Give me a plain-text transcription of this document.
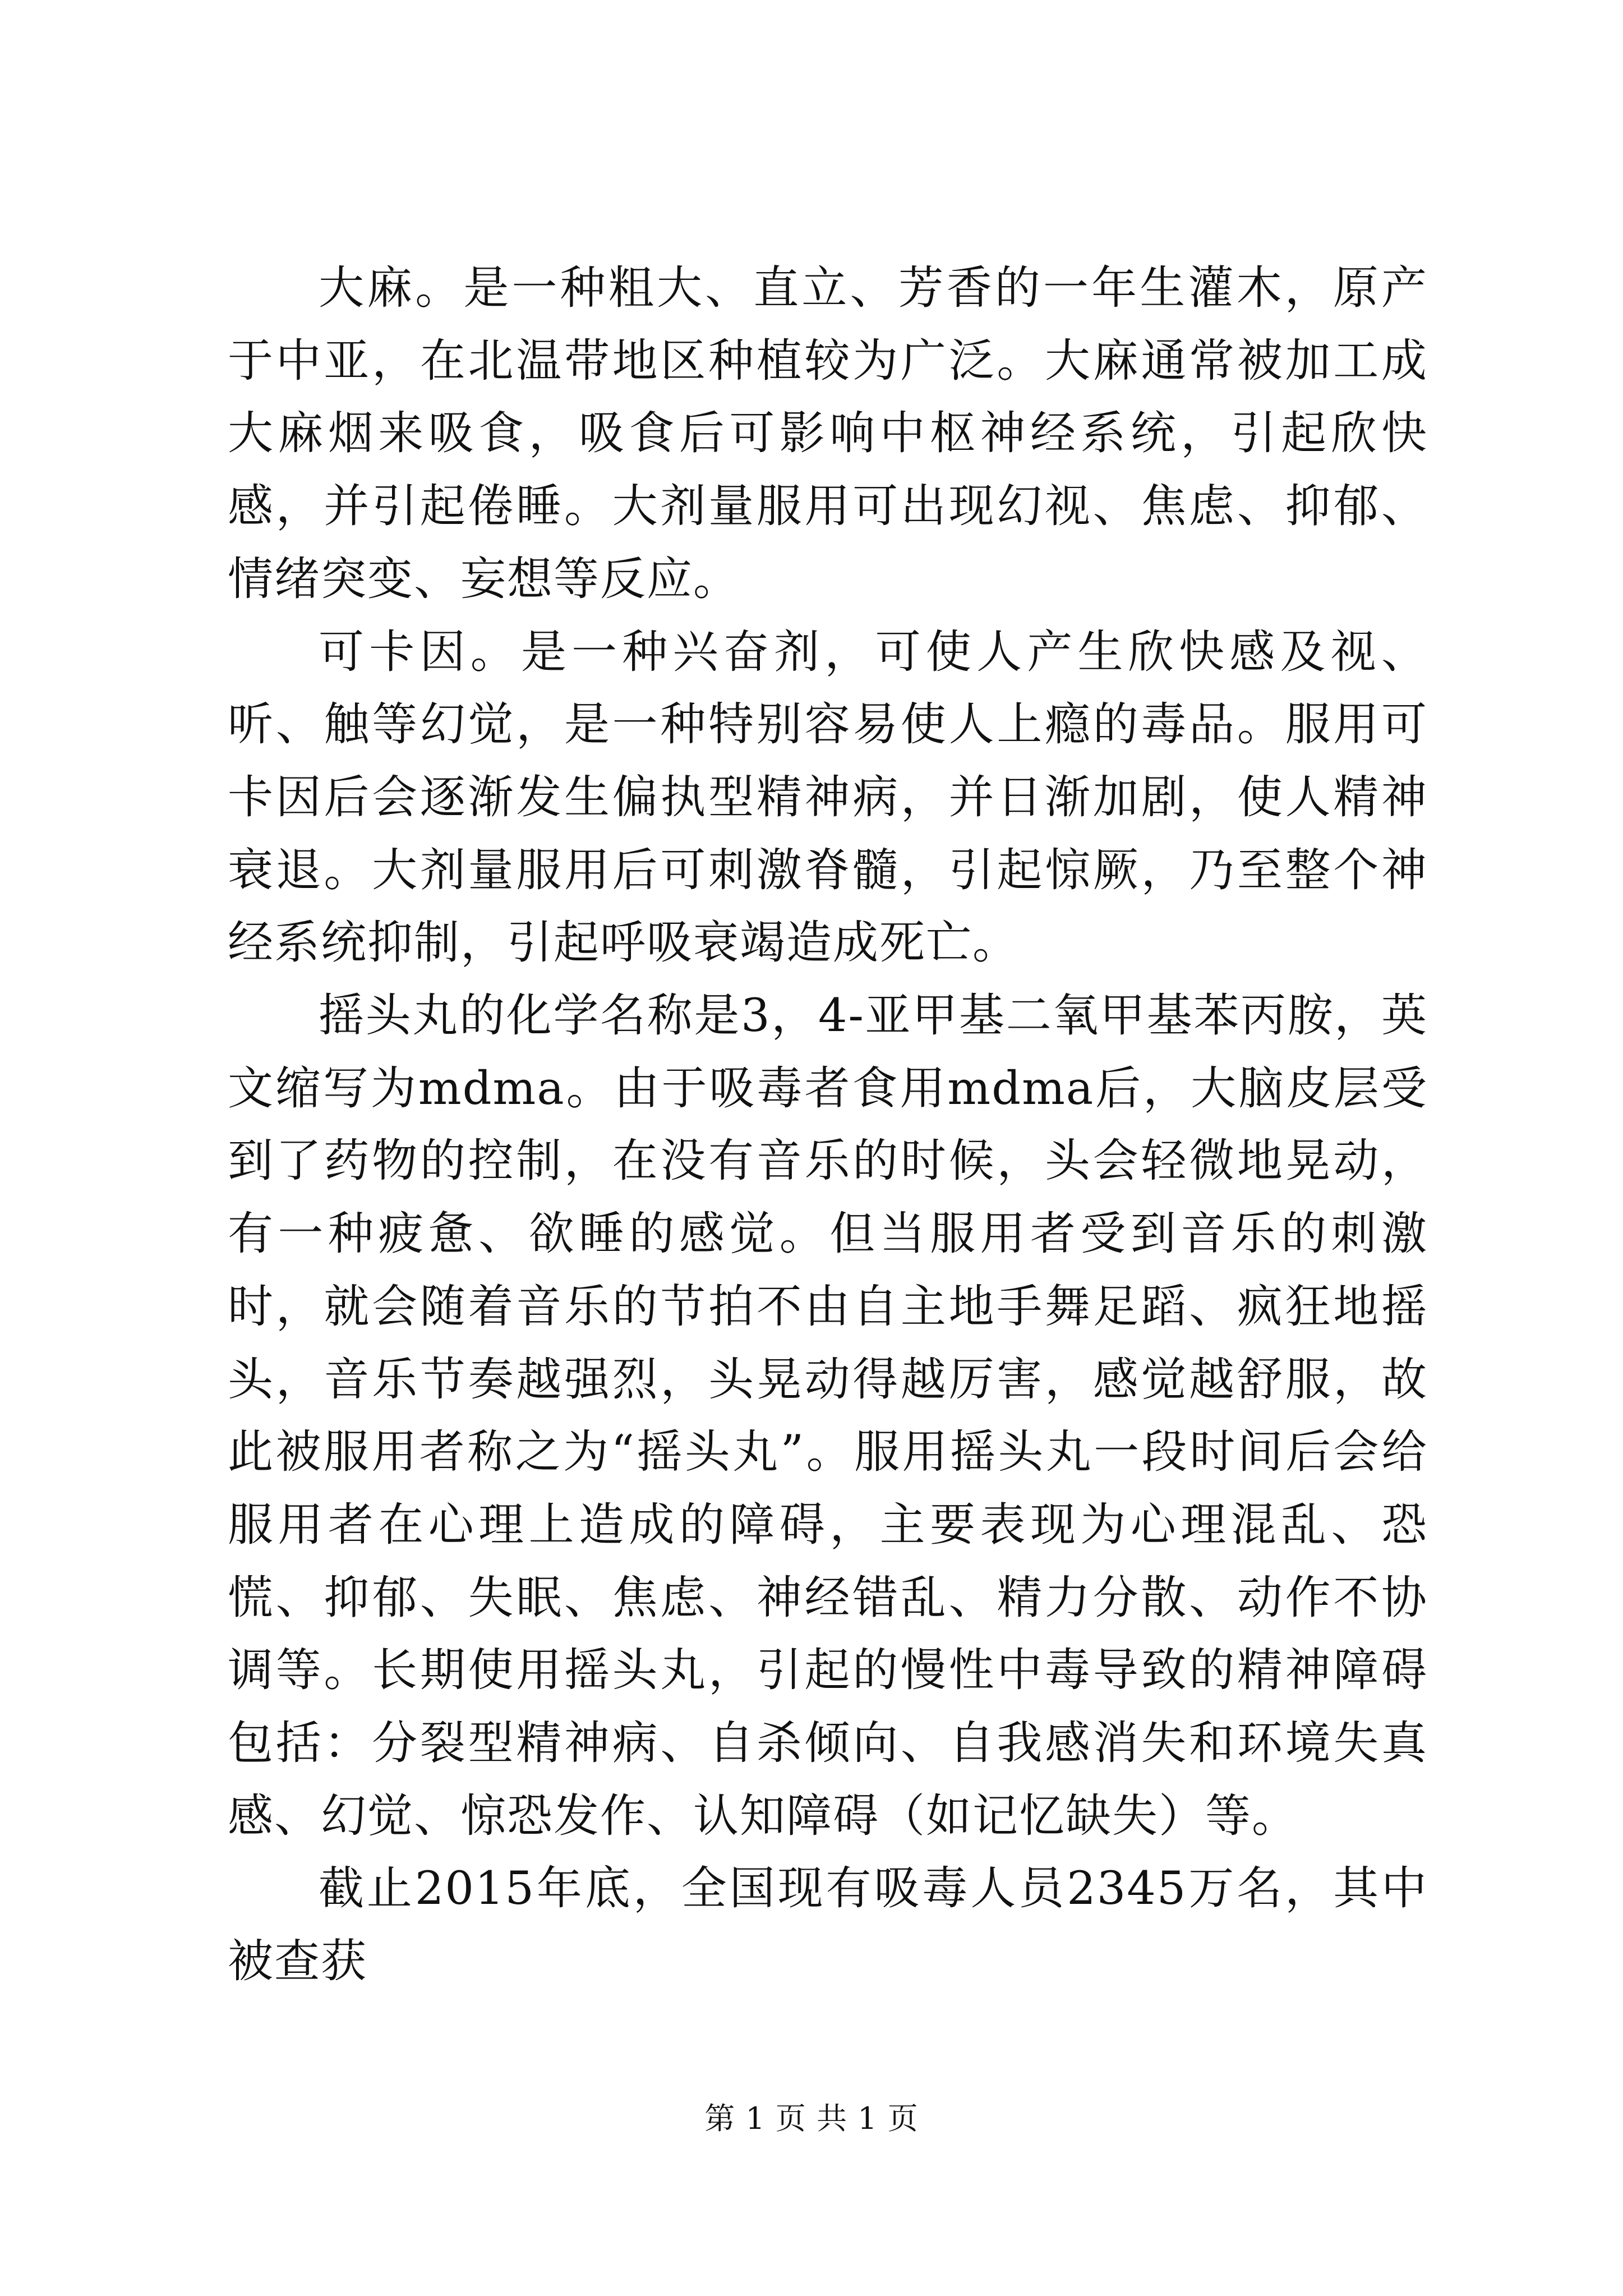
大麻。是一种粗大、直立、芳香的一年生灌木，原产于中亚，在北温带地区种植较为广泛。大麻通常被加工成大麻烟来吸食，吸食后可影响中枢神经系统，引起欣快感，并引起倦睡。大剂量服用可出现幻视、焦虑、抑郁、情绪突变、妄想等反应。

可卡因。是一种兴奋剂，可使人产生欣快感及视、听、触等幻觉，是一种特别容易使人上瘾的毒品。服用可卡因后会逐渐发生偏执型精神病，并日渐加剧，使人精神衰退。大剂量服用后可刺激脊髓，引起惊厥，乃至整个神经系统抑制，引起呼吸衰竭造成死亡。

摇头丸的化学名称是3，4-亚甲基二氧甲基苯丙胺，英文缩写为mdma。由于吸毒者食用mdma后，大脑皮层受到了药物的控制，在没有音乐的时候，头会轻微地晃动，有一种疲惫、欲睡的感觉。但当服用者受到音乐的刺激时，就会随着音乐的节拍不由自主地手舞足蹈、疯狂地摇头，音乐节奏越强烈，头晃动得越厉害，感觉越舒服，故此被服用者称之为“摇头丸”。服用摇头丸一段时间后会给服用者在心理上造成的障碍，主要表现为心理混乱、恐慌、抑郁、失眠、焦虑、神经错乱、精力分散、动作不协调等。长期使用摇头丸，引起的慢性中毒导致的精神障碍包括：分裂型精神病、自杀倾向、自我感消失和环境失真感、幻觉、惊恐发作、认知障碍（如记忆缺失）等。

截止2015年底，全国现有吸毒人员2345万名，其中被查获

第 1 页 共 1 页
